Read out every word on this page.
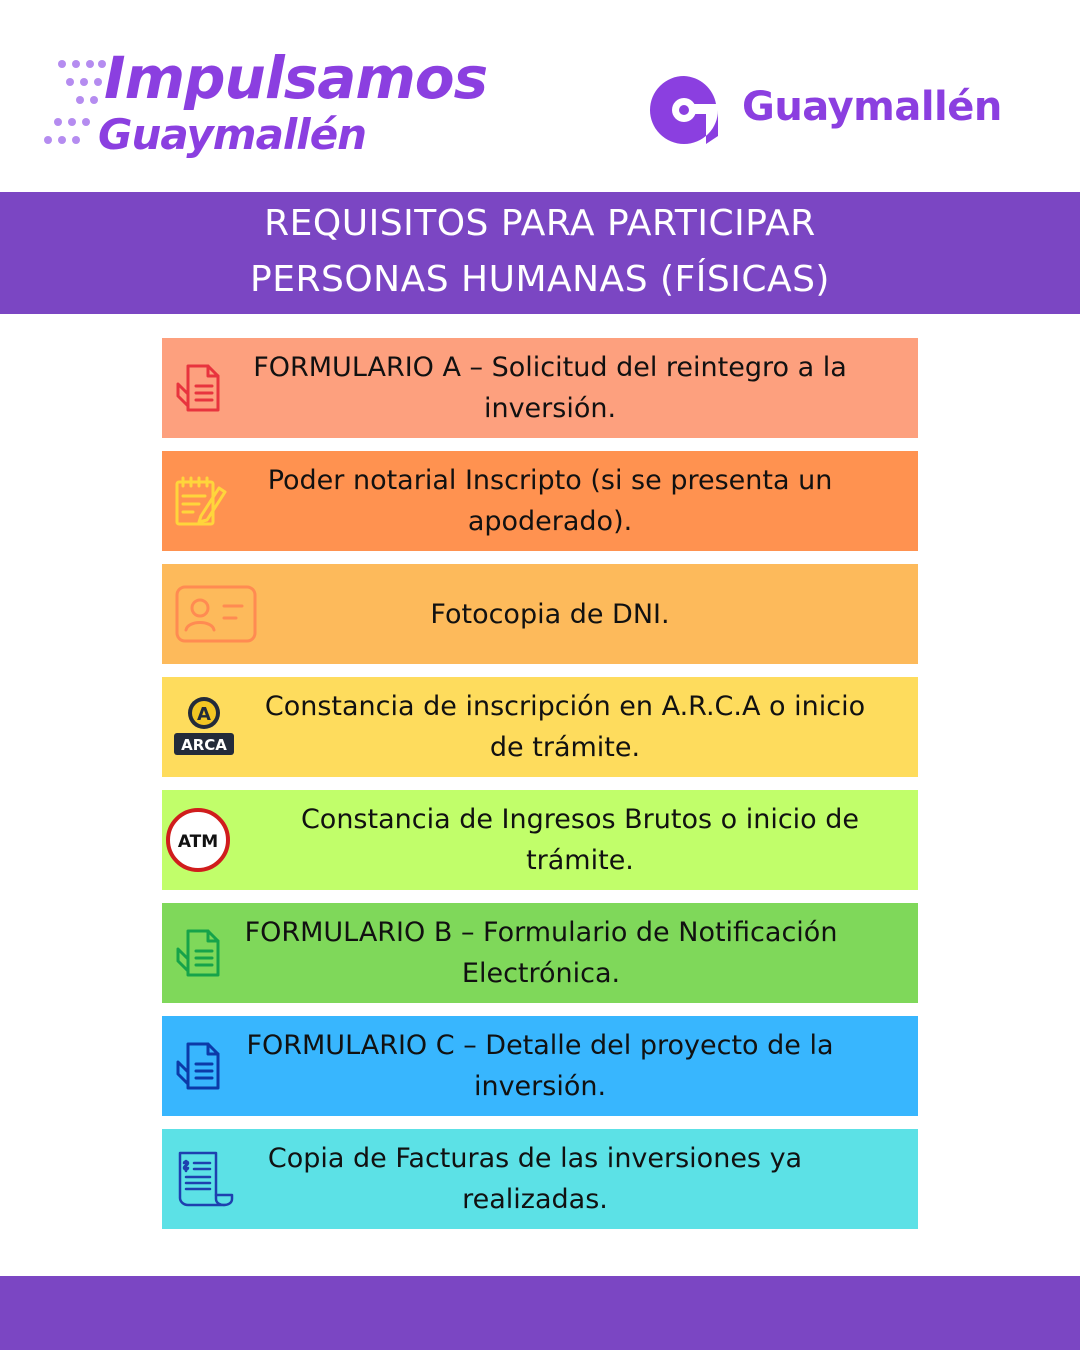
Impulsamos
Guaymallén
Guaymallén
REQUISITOS PARA PARTICIPAR
PERSONAS HUMANAS (FÍSICAS)
FORMULARIO A – Solicitud del reintegro a la inversión.
Poder notarial Inscripto (si se presenta un apoderado).
Fotocopia de DNI.
A
ARCA
Constancia de inscripción en A.R.C.A o inicio de trámite.
ATM
Constancia de Ingresos Brutos o inicio de trámite.
FORMULARIO B – Formulario de Notificación Electrónica.
FORMULARIO C – Detalle del proyecto de la inversión.
Copia de Facturas de las inversiones ya realizadas.
